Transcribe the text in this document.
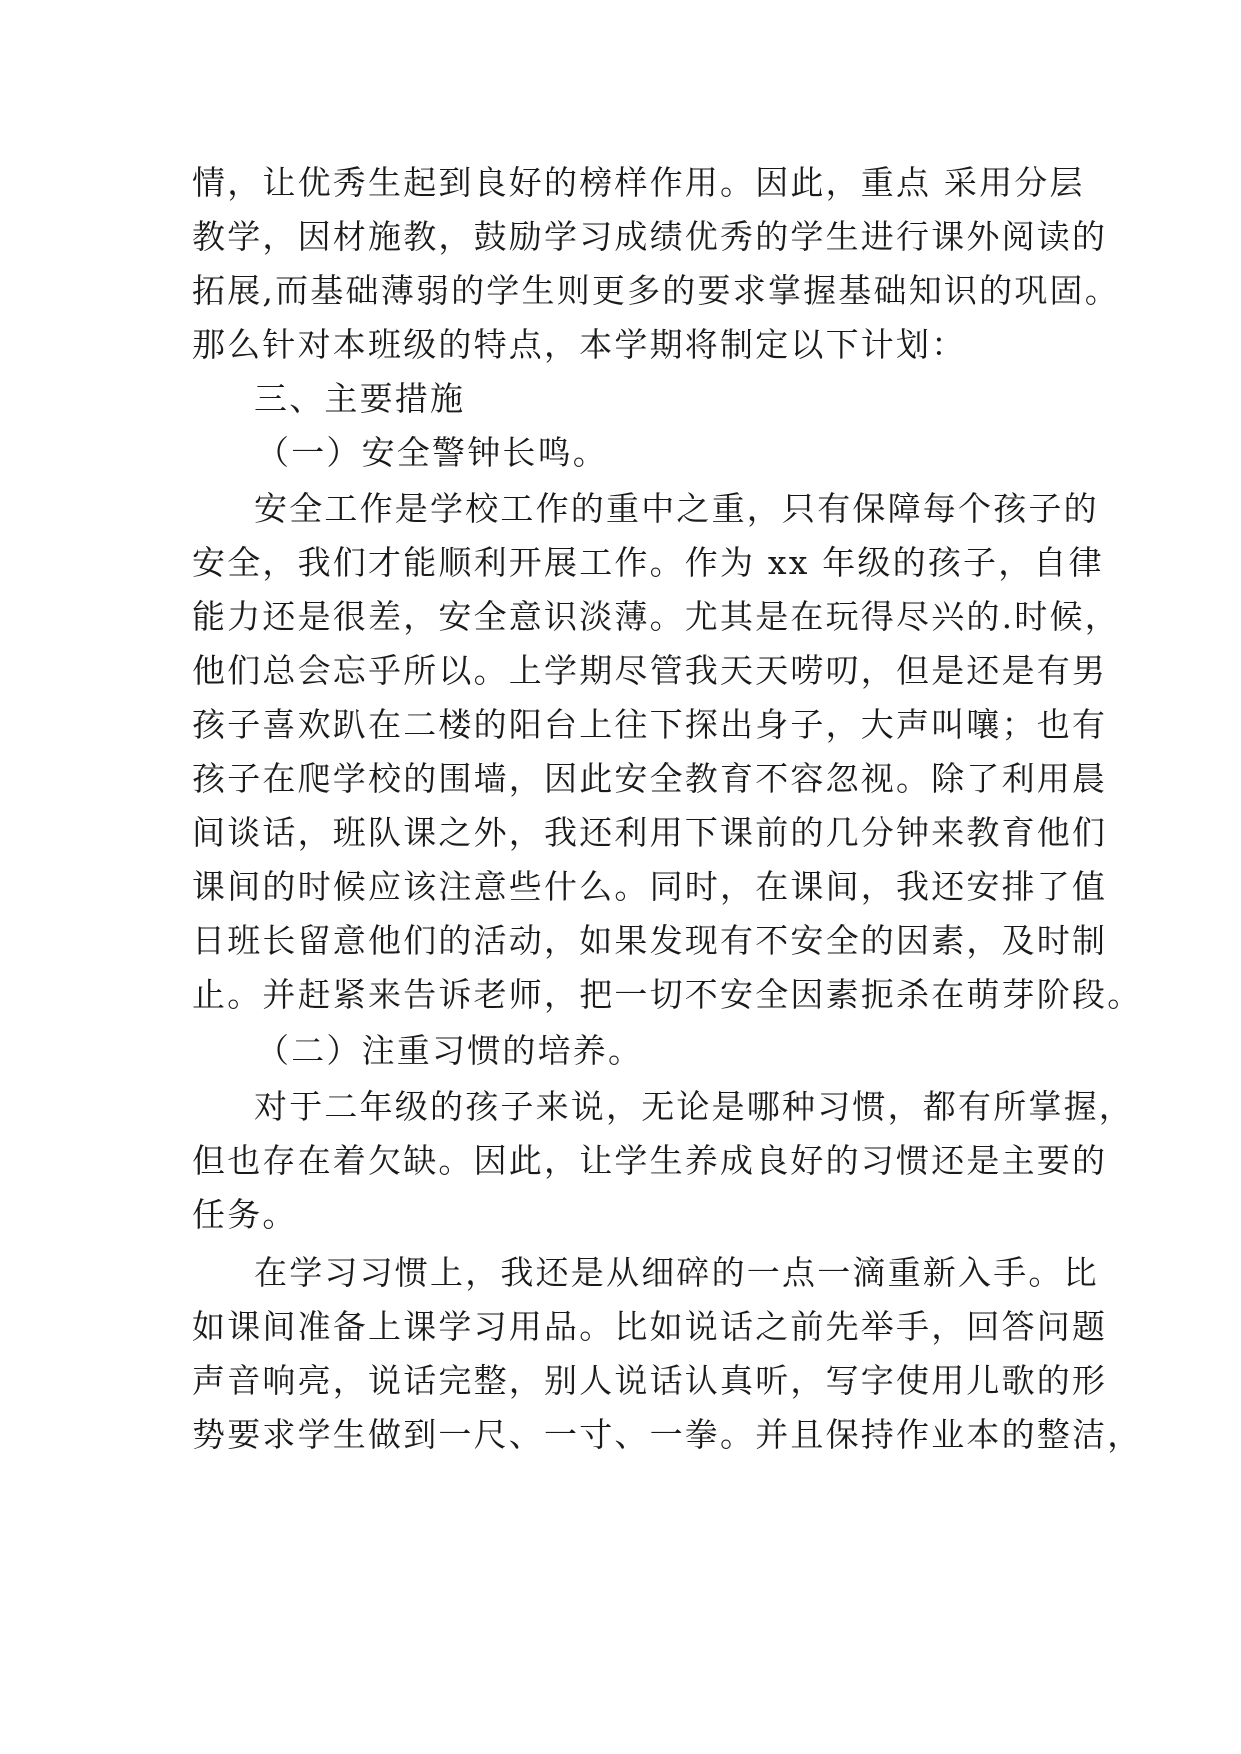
情，让优秀生起到良好的榜样作用。因此，重点 采用分层
教学，因材施教，鼓励学习成绩优秀的学生进行课外阅读的
拓展,而基础薄弱的学生则更多的要求掌握基础知识的巩固。
那么针对本班级的特点，本学期将制定以下计划：
三、主要措施
（一）安全警钟长鸣。
安全工作是学校工作的重中之重，只有保障每个孩子的
安全，我们才能顺利开展工作。作为 xx 年级的孩子，自律
能力还是很差，安全意识淡薄。尤其是在玩得尽兴的.时候，
他们总会忘乎所以。上学期尽管我天天唠叨，但是还是有男
孩子喜欢趴在二楼的阳台上往下探出身子，大声叫嚷；也有
孩子在爬学校的围墙，因此安全教育不容忽视。除了利用晨
间谈话，班队课之外，我还利用下课前的几分钟来教育他们
课间的时候应该注意些什么。同时，在课间，我还安排了值
日班长留意他们的活动，如果发现有不安全的因素，及时制
止。并赶紧来告诉老师，把一切不安全因素扼杀在萌芽阶段。
（二）注重习惯的培养。
对于二年级的孩子来说，无论是哪种习惯，都有所掌握，
但也存在着欠缺。因此，让学生养成良好的习惯还是主要的
任务。
在学习习惯上，我还是从细碎的一点一滴重新入手。比
如课间准备上课学习用品。比如说话之前先举手，回答问题
声音响亮，说话完整，别人说话认真听，写字使用儿歌的形
势要求学生做到一尺、一寸、一拳。并且保持作业本的整洁，
